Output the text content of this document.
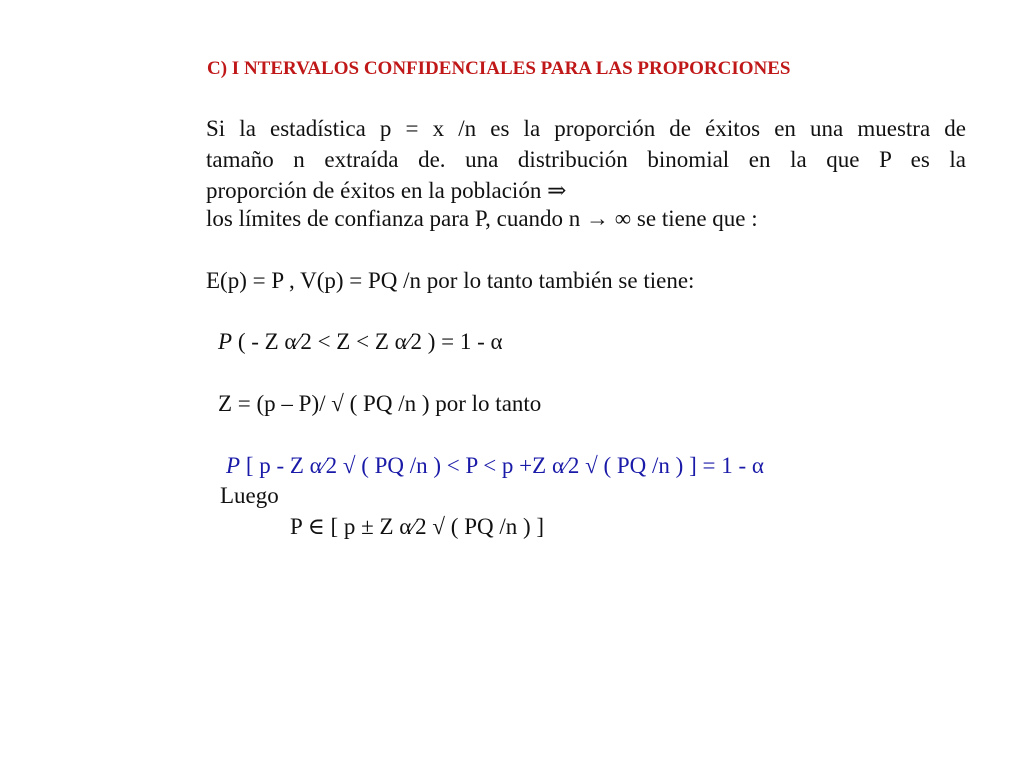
C) I NTERVALOS CONFIDENCIALES PARA LAS PROPORCIONES
Si la estadística p = x /n es la proporción de éxitos en una muestra de
tamaño n extraída de. una distribución binomial en la que P es la
proporción de éxitos en la población ⇒
los límites de confianza para P, cuando n → ∞ se tiene que :
E(p) = P , V(p) = PQ /n por lo tanto también se tiene:
P ( - Z α⁄2 < Z < Z α⁄2 ) = 1 - α
Z = (p – P)/ √ ( PQ /n ) por lo tanto
P [ p - Z α⁄2 √ ( PQ /n ) < P < p +Z α⁄2 √ ( PQ /n ) ] = 1 - α
Luego
P ∈ [ p ± Z α⁄2 √ ( PQ /n ) ]
